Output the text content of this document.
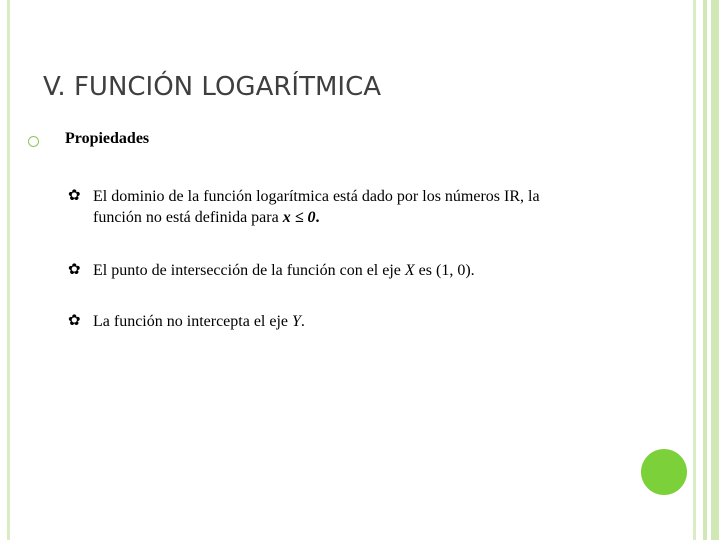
V. FUNCIÓN LOGARÍTMICA
Propiedades
✿ El dominio de la función logarítmica está dado por los números IR, la
función no está definida para x ≤ 0.
✿ El punto de intersección de la función con el eje X es (1, 0).
✿ La función no intercepta el eje Y.
